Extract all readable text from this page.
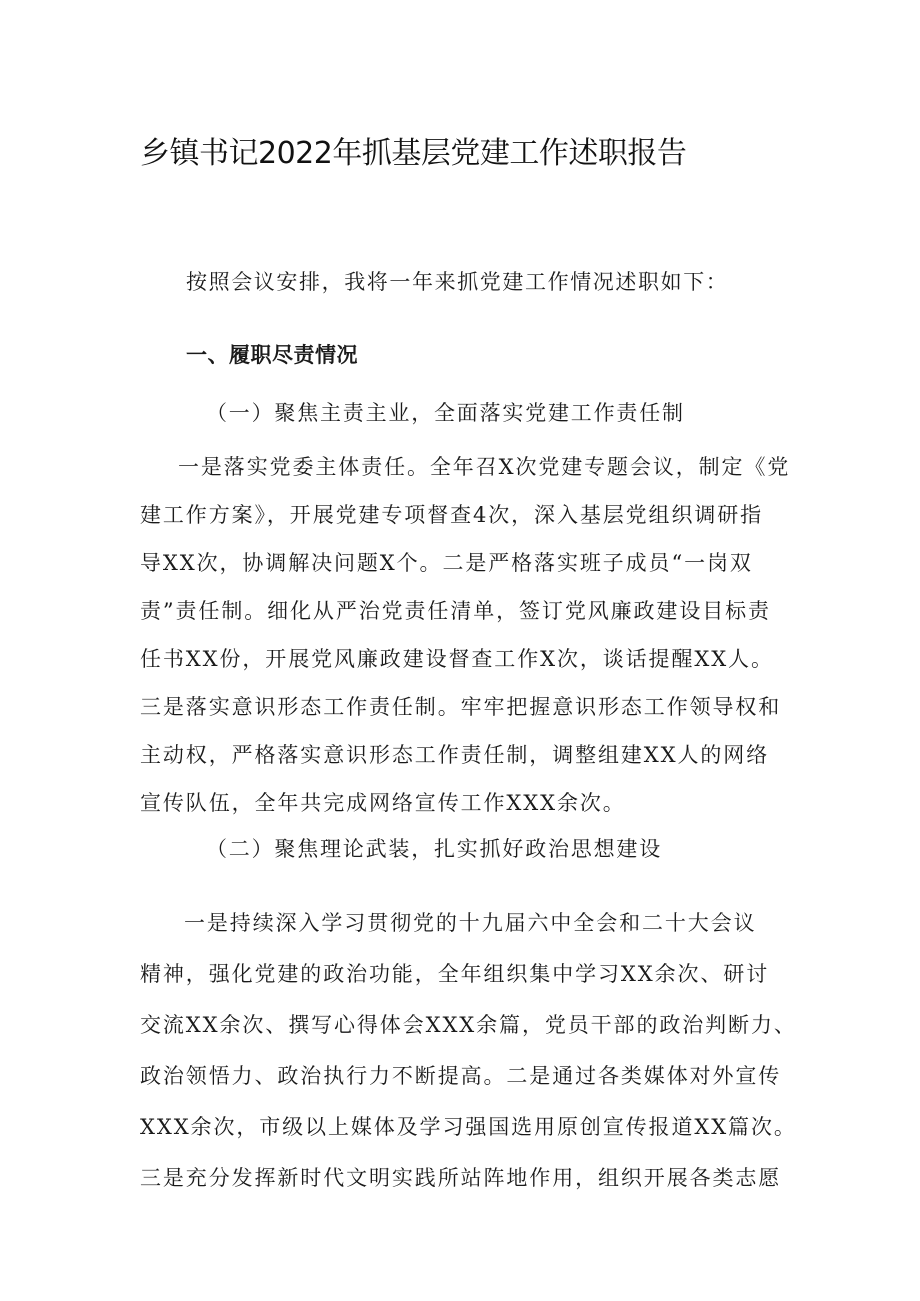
乡镇书记2022年抓基层党建工作述职报告
按照会议安排，我将一年来抓党建工作情况述职如下：
一、履职尽责情况
（一）聚焦主责主业，全面落实党建工作责任制
一是落实党委主体责任。全年召X次党建专题会议，制定《党
建工作方案》，开展党建专项督查4次，深入基层党组织调研指
导XX次，协调解决问题X个。二是严格落实班子成员“一岗双
责”责任制。细化从严治党责任清单，签订党风廉政建设目标责
任书XX份，开展党风廉政建设督查工作X次，谈话提醒XX人。
三是落实意识形态工作责任制。牢牢把握意识形态工作领导权和
主动权，严格落实意识形态工作责任制，调整组建XX人的网络
宣传队伍，全年共完成网络宣传工作XXX余次。
（二）聚焦理论武装，扎实抓好政治思想建设
一是持续深入学习贯彻党的十九届六中全会和二十大会议
精神，强化党建的政治功能，全年组织集中学习XX余次、研讨
交流XX余次、撰写心得体会XXX余篇，党员干部的政治判断力、
政治领悟力、政治执行力不断提高。二是通过各类媒体对外宣传
XXX余次，市级以上媒体及学习强国选用原创宣传报道XX篇次。
三是充分发挥新时代文明实践所站阵地作用，组织开展各类志愿
